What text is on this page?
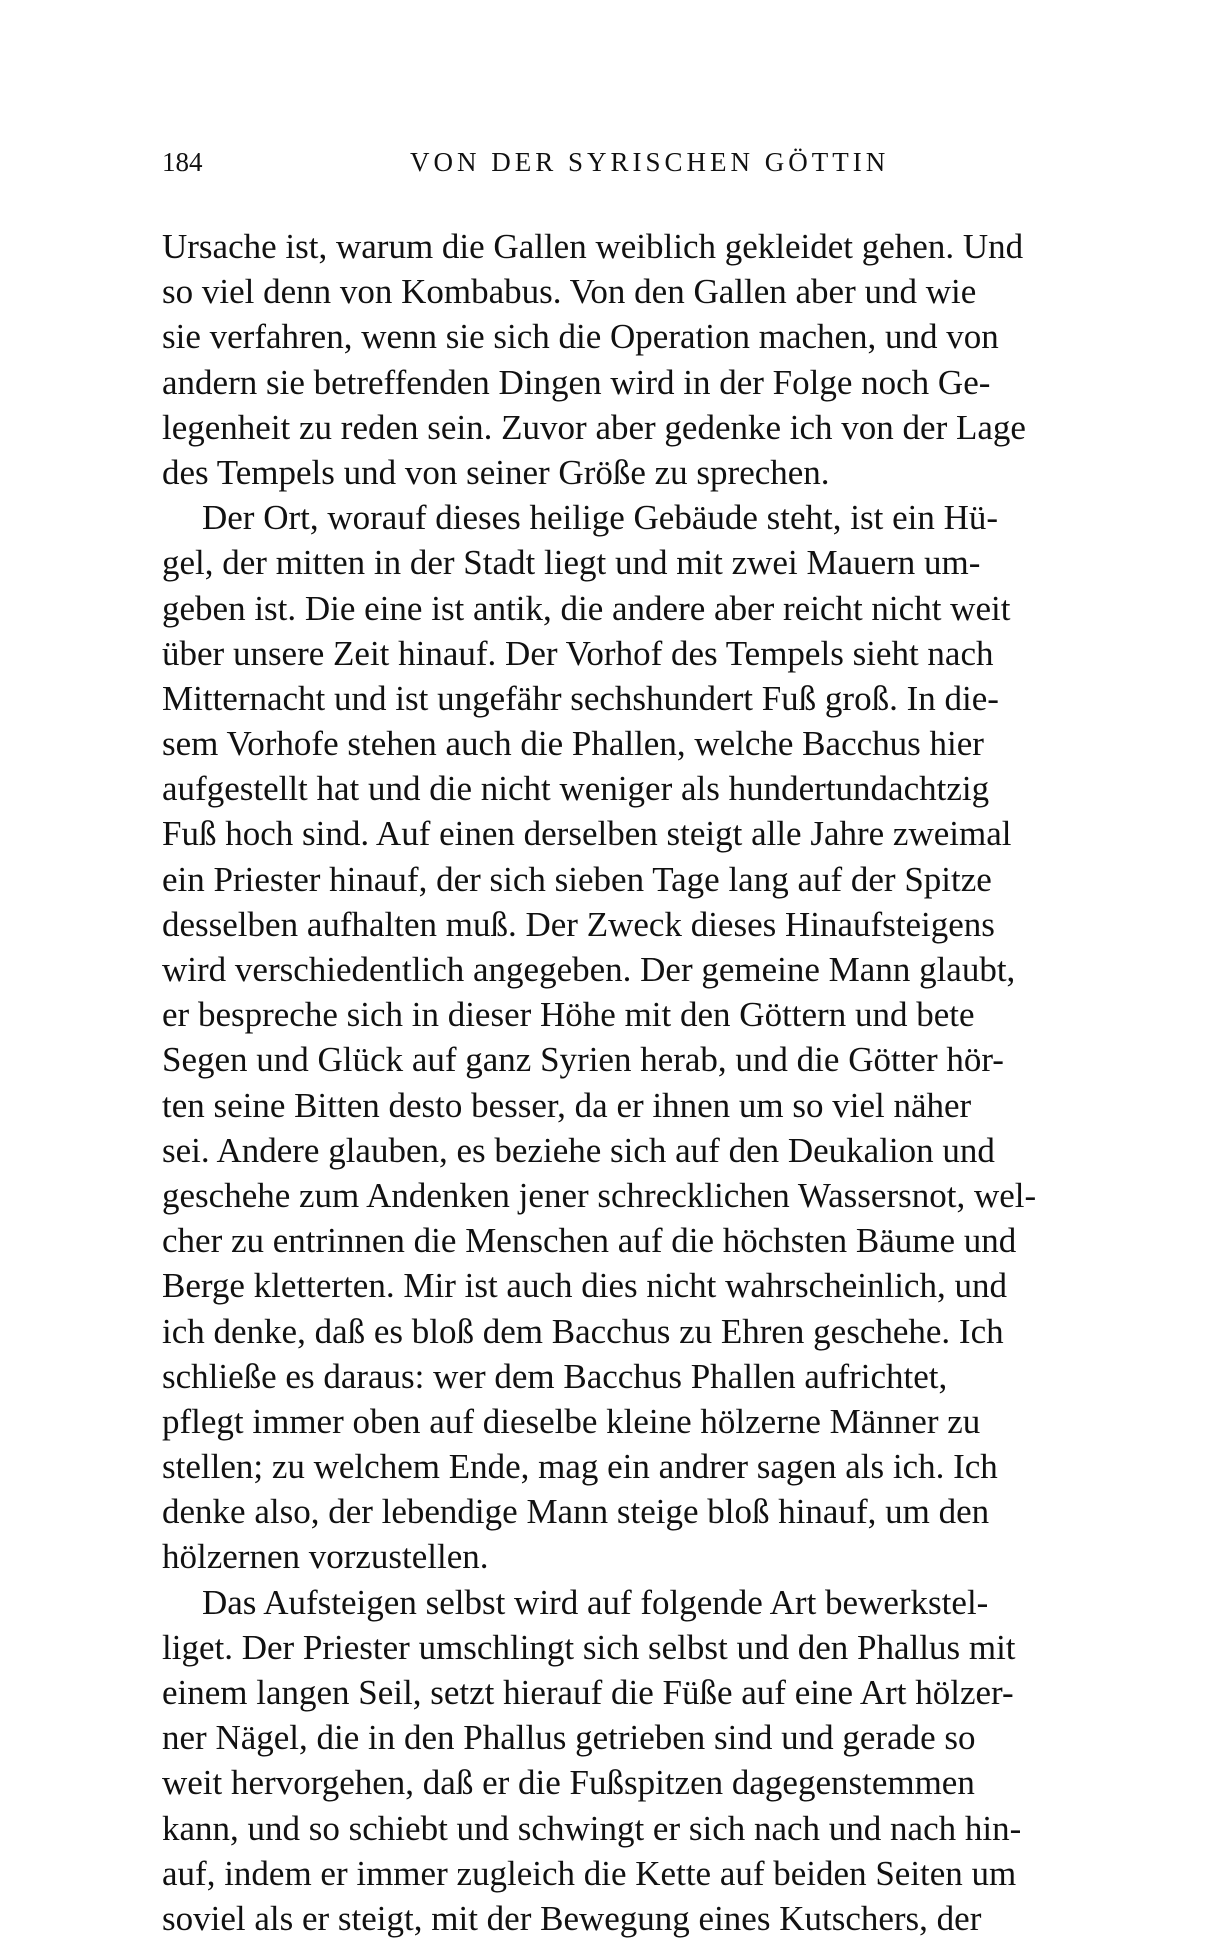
184	VON DER SYRISCHEN GÖTTIN
Ursache ist, warum die Gallen weiblich gekleidet gehen. Und
so viel denn von Kombabus. Von den Gallen aber und wie
sie verfahren, wenn sie sich die Operation machen, und von
andern sie betreffenden Dingen wird in der Folge noch Ge-
legenheit zu reden sein. Zuvor aber gedenke ich von der Lage
des Tempels und von seiner Größe zu sprechen.
Der Ort, worauf dieses heilige Gebäude steht, ist ein Hü-
gel, der mitten in der Stadt liegt und mit zwei Mauern um-
geben ist. Die eine ist antik, die andere aber reicht nicht weit
über unsere Zeit hinauf. Der Vorhof des Tempels sieht nach
Mitternacht und ist ungefähr sechshundert Fuß groß. In die-
sem Vorhofe stehen auch die Phallen, welche Bacchus hier
aufgestellt hat und die nicht weniger als hundertundachtzig
Fuß hoch sind. Auf einen derselben steigt alle Jahre zweimal
ein Priester hinauf, der sich sieben Tage lang auf der Spitze
desselben aufhalten muß. Der Zweck dieses Hinaufsteigens
wird verschiedentlich angegeben. Der gemeine Mann glaubt,
er bespreche sich in dieser Höhe mit den Göttern und bete
Segen und Glück auf ganz Syrien herab, und die Götter hör-
ten seine Bitten desto besser, da er ihnen um so viel näher
sei. Andere glauben, es beziehe sich auf den Deukalion und
geschehe zum Andenken jener schrecklichen Wassersnot, wel-
cher zu entrinnen die Menschen auf die höchsten Bäume und
Berge kletterten. Mir ist auch dies nicht wahrscheinlich, und
ich denke, daß es bloß dem Bacchus zu Ehren geschehe. Ich
schließe es daraus: wer dem Bacchus Phallen aufrichtet,
pflegt immer oben auf dieselbe kleine hölzerne Männer zu
stellen; zu welchem Ende, mag ein andrer sagen als ich. Ich
denke also, der lebendige Mann steige bloß hinauf, um den
hölzernen vorzustellen.
Das Aufsteigen selbst wird auf folgende Art bewerkstel-
liget. Der Priester umschlingt sich selbst und den Phallus mit
einem langen Seil, setzt hierauf die Füße auf eine Art hölzer-
ner Nägel, die in den Phallus getrieben sind und gerade so
weit hervorgehen, daß er die Fußspitzen dagegenstemmen
kann, und so schiebt und schwingt er sich nach und nach hin-
auf, indem er immer zugleich die Kette auf beiden Seiten um
soviel als er steigt, mit der Bewegung eines Kutschers, der
